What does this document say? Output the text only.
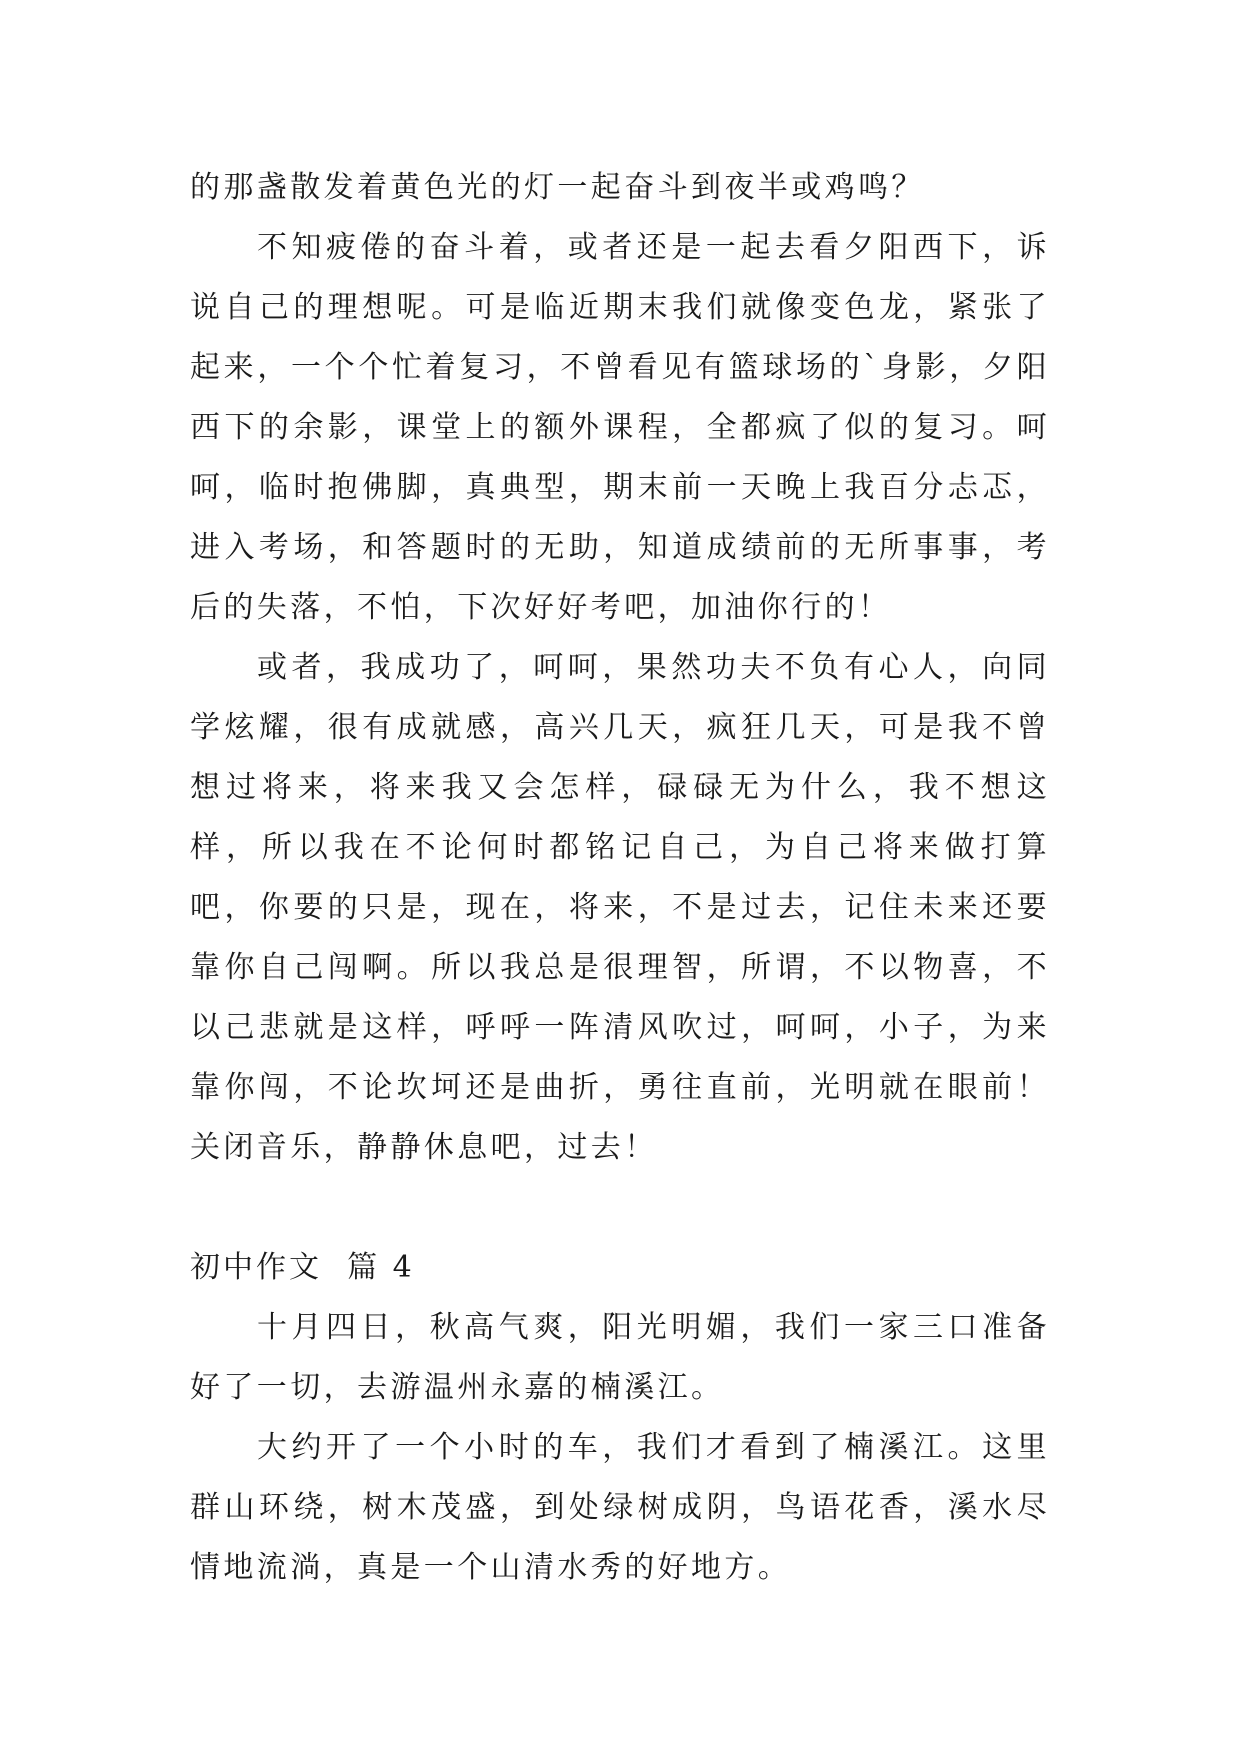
的那盏散发着黄色光的灯一起奋斗到夜半或鸡鸣？

不知疲倦的奋斗着，或者还是一起去看夕阳西下，诉说自己的理想呢。可是临近期末我们就像变色龙，紧张了起来，一个个忙着复习，不曾看见有篮球场的`身影，夕阳西下的余影，课堂上的额外课程，全都疯了似的复习。呵呵，临时抱佛脚，真典型，期末前一天晚上我百分忐忑，进入考场，和答题时的无助，知道成绩前的无所事事，考后的失落，不怕，下次好好考吧，加油你行的！

或者，我成功了，呵呵，果然功夫不负有心人，向同学炫耀，很有成就感，高兴几天，疯狂几天，可是我不曾想过将来，将来我又会怎样，碌碌无为什么，我不想这样，所以我在不论何时都铭记自己，为自己将来做打算吧，你要的只是，现在，将来，不是过去，记住未来还要靠你自己闯啊。所以我总是很理智，所谓，不以物喜，不以己悲就是这样，呼呼一阵清风吹过，呵呵，小子，为来靠你闯，不论坎坷还是曲折，勇往直前，光明就在眼前！关闭音乐，静静休息吧，过去！

初中作文  篇 4

十月四日，秋高气爽，阳光明媚，我们一家三口准备好了一切，去游温州永嘉的楠溪江。

大约开了一个小时的车，我们才看到了楠溪江。这里群山环绕，树木茂盛，到处绿树成阴，鸟语花香，溪水尽情地流淌，真是一个山清水秀的好地方。
